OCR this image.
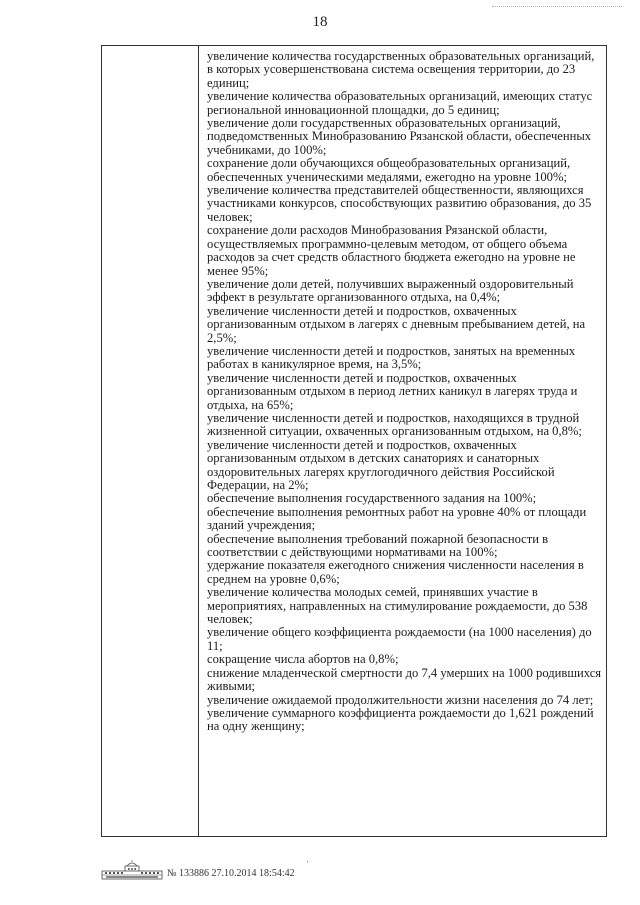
18

увеличение количества государственных образовательных организаций, в которых усовершенствована система освещения территории, до 23 единиц;

увеличение количества образовательных организаций, имеющих статус региональной инновационной площадки, до 5 единиц;

увеличение доли государственных образовательных организаций, подведомственных Минобразованию Рязанской области, обеспеченных учебниками, до 100%;

сохранение доли обучающихся общеобразовательных организаций, обеспеченных ученическими медалями, ежегодно на уровне 100%;

увеличение количества представителей общественности, являющихся участниками конкурсов, способствующих развитию образования, до 35 человек;

сохранение доли расходов Минобразования Рязанской области, осуществляемых программно-целевым методом, от общего объема расходов за счет средств областного бюджета ежегодно на уровне не менее 95%;

увеличение доли детей, получивших выраженный оздоровительный эффект в результате организованного отдыха, на 0,4%;

увеличение численности детей и подростков, охваченных организованным отдыхом в лагерях с дневным пребыванием детей, на 2,5%;

увеличение численности детей и подростков, занятых на временных работах в каникулярное время, на 3,5%;

увеличение численности детей и подростков, охваченных организованным отдыхом в период летних каникул в лагерях труда и отдыха, на 65%;

увеличение численности детей и подростков, находящихся в трудной жизненной ситуации, охваченных организованным отдыхом, на 0,8%;

увеличение численности детей и подростков, охваченных организованным отдыхом в детских санаториях и санаторных оздоровительных лагерях круглогодичного действия Российской Федерации, на 2%;

обеспечение выполнения государственного задания на 100%;

обеспечение выполнения ремонтных работ на уровне 40% от площади зданий учреждения;

обеспечение выполнения требований пожарной безопасности в соответствии с действующими нормативами на 100%;

удержание показателя ежегодного снижения численности населения в среднем на уровне 0,6%;

увеличение количества молодых семей, принявших участие в мероприятиях, направленных на стимулирование рождаемости, до 538 человек;

увеличение общего коэффициента рождаемости (на 1000 населения) до 11;

сокращение числа абортов на 0,8%;

снижение младенческой смертности до 7,4 умерших на 1000 родившихся живыми;

увеличение ожидаемой продолжительности жизни населения до 74 лет;

увеличение суммарного коэффициента рождаемости до 1,621 рождений на одну женщину;

№ 133886 27.10.2014 18:54:42
⋅
